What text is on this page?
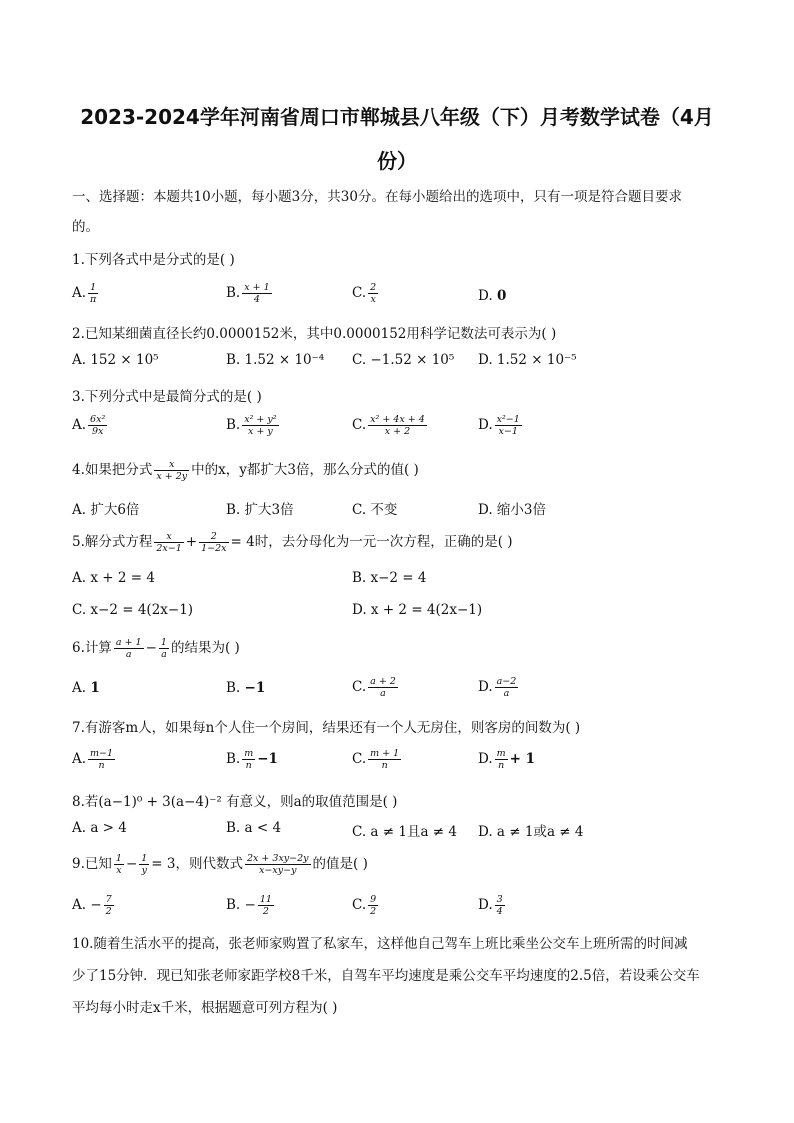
2023-2024学年河南省周口市郸城县八年级（下）月考数学试卷（4月
份）
一、选择题：本题共10小题，每小题3分，共30分。在每小题给出的选项中，只有一项是符合题目要求
的。
1.下列各式中是分式的是( )
A. $\frac{1}{\pi}$	B. $\frac{x + 1}{4}$	C. $\frac{2}{x}$	D. 0
2.已知某细菌直径长约0.0000152米，其中0.0000152用科学记数法可表示为( )
A. 152 × 10⁵	B. 1.52 × 10⁻⁴ C. −1.52 × 10⁵ D. 1.52 × 10⁻⁵
3.下列分式中是最简分式的是( )
A. $\frac{\text{6x²}}{9x}$	B. $\frac{\text{x² + y²}}{x + y}$	C. $\frac{\text{x² + 4x + 4}}{x + 2}$	D. $\frac{\text{x²−1}}{x-1}$
4.如果把分式 $\frac{x}{x + 2y}$ 中的x，y都扩大3倍，那么分式的值( )
A. 扩大6倍	B. 扩大3倍	C. 不变	D. 缩小3倍
5.解分式方程 $\frac{x}{2x-1} + \frac{2}{1-2x} = 4$时，去分母化为一元一次方程，正确的是( )
A. x + 2 = 4	B. x−2 = 4
C. x−2 = 4(2x−1)	D. x + 2 = 4(2x−1)
6.计算 $\frac{a + 1}{a} - \frac{1}{a}$ 的结果为( )
A. 1	B. −1	C. $\frac{a + 2}{a}$	D. $\frac{a-2}{a}$
7.有游客m人，如果每n个人住一个房间，结果还有一个人无房住，则客房的间数为( )
A. $\frac{m-1}{n}$	B. $\frac{m}{n} -1$	C. $\frac{m + 1}{n}$	D. $\frac{m}{n} + 1$
8.若(a−1)⁰ + 3(a−4)⁻² 有意义，则a的取值范围是( )
A. a > 4	B. a < 4	C. a ≠ 1且a ≠ 4 D. a ≠ 1或a ≠ 4
9.已知 $\frac{1}{x} - \frac{1}{y} = 3$，则代数式 $\frac{2x + 3xy-2y}{x-xy-y}$ 的值是( )
A. − $\frac{7}{2}$	B. − $\frac{11}{2}$	C. $\frac{9}{2}$	D. $\frac{3}{4}$
10.随着生活水平的提高，张老师家购置了私家车，这样他自己驾车上班比乘坐公交车上班所需的时间减
少了15分钟．现已知张老师家距学校8千米，自驾车平均速度是乘公交车平均速度的2.5倍，若设乘公交车
平均每小时走x千米，根据题意可列方程为( )
